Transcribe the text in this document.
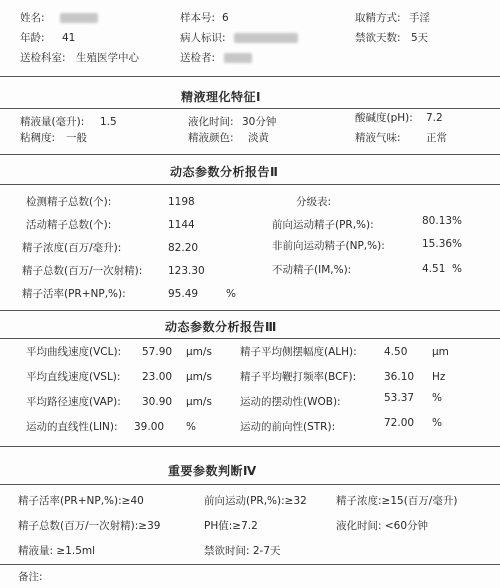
姓名:	样本号: 6	取精方式: 手淫
年龄: 41	病人标识:	禁欲天数: 5天
送检科室: 生殖医学中心	送检者:
精液理化特征Ⅰ
精液量(毫升): 1.5	液化时间: 30分钟	酸碱度(pH): 7.2
粘稠度: 一般	精液颜色: 淡黄	精液气味: 正常
动态参数分析报告Ⅱ
检测精子总数(个):	1198	分级表:
活动精子总数(个):	1144	前向运动精子(PR,%):	80.13 %
精子浓度(百万/毫升):	82.20	非前向运动精子(NP,%):	15.36 %
精子总数(百万/一次射精): 123.30	不动精子(IM,%):	4.51 %
精子活率(PR+NP,%):	95.49	%
动态参数分析报告Ⅲ
平均曲线速度(VCL): 57.90 μm/s	精子平均侧摆幅度(ALH):	4.50 μm
平均直线速度(VSL): 23.00 μm/s	精子平均鞭打频率(BCF):	36.10 Hz
平均路径速度(VAP): 30.90 μm/s	运动的摆动性(WOB):	53.37 %
运动的直线性(LIN): 39.00 %	运动的前向性(STR):	72.00 %
重要参数判断Ⅳ
精子活率(PR+NP,%):≥40	前向运动(PR,%):≥32	精子浓度:≥15(百万/毫升)
精子总数(百万/一次射精):≥39	PH值:≥7.2	液化时间: <60分钟
精液量: ≥1.5ml	禁欲时间: 2-7天
备注:
